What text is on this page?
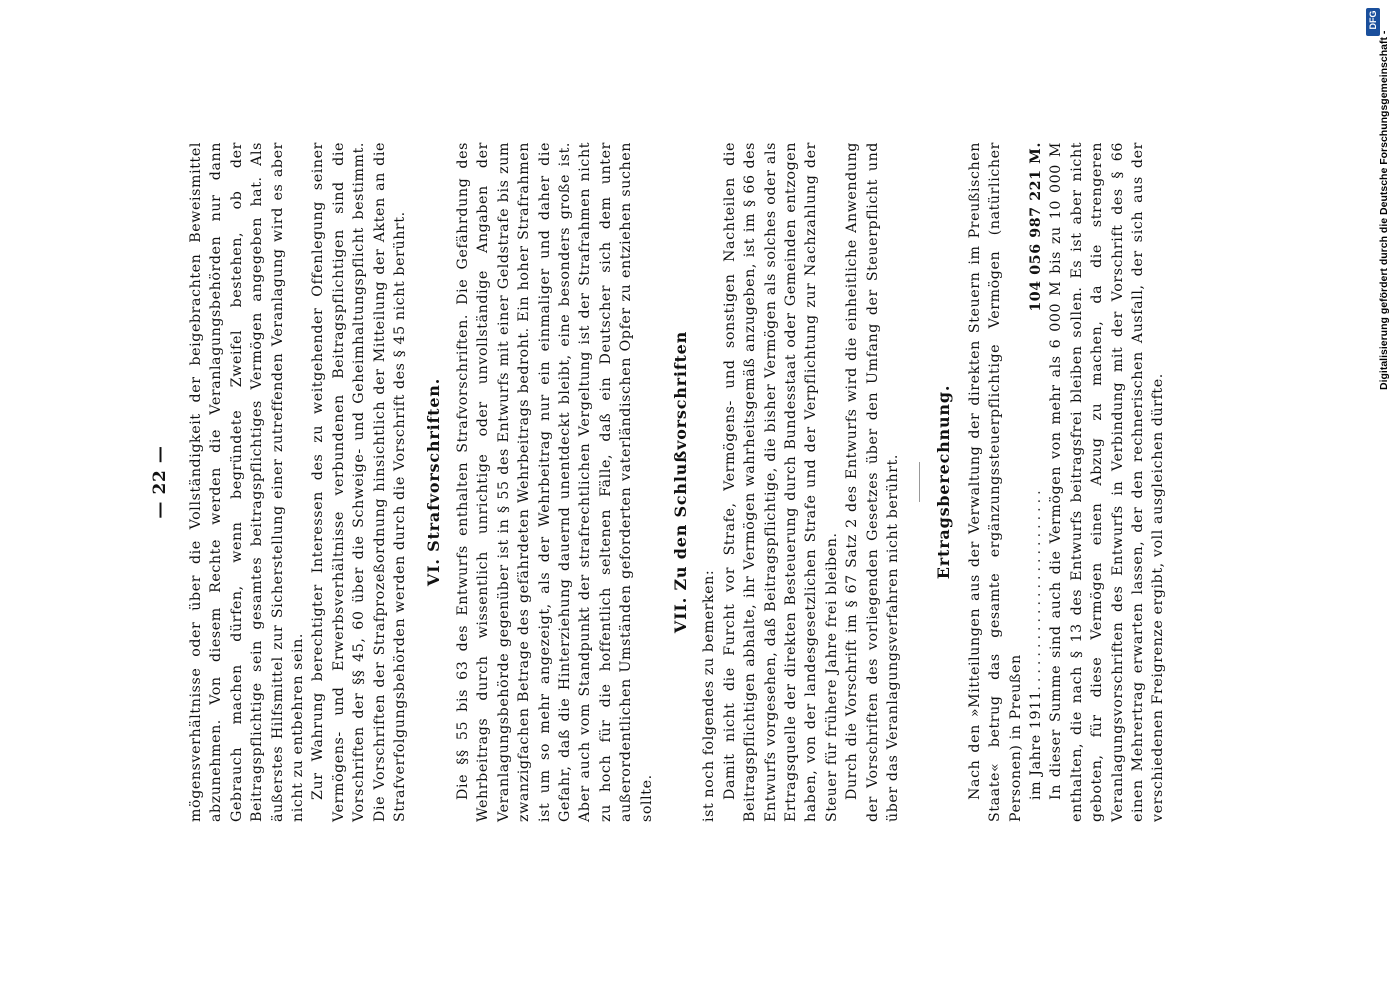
— 22 — mögensverhältnisse oder über die Vollständigkeit der beigebrachten Beweismittel abzunehmen. Von diesem Rechte werden die Veranlagungsbehörden nur dann Gebrauch machen dürfen, wenn begründete Zweifel bestehen, ob der Beitragspflichtige sein gesamtes beitragspflichtiges Vermögen angegeben hat. Als äußerstes Hilfsmittel zur Sicherstellung einer zutreffenden Veranlagung wird es aber nicht zu entbehren sein. Zur Wahrung berechtigter Interessen des zu weitgehender Offenlegung seiner Vermögens- und Erwerbsverhältnisse verbundenen Beitragspflichtigen sind die Vorschriften der §§ 45, 60 über die Schweige- und Geheimhaltungspflicht bestimmt. Die Vorschriften der Strafprozeßordnung hinsichtlich der Mitteilung der Akten an die Strafverfolgungsbehörden werden durch die Vorschrift des § 45 nicht berührt. VI. Strafvorschriften. Die §§ 55 bis 63 des Entwurfs enthalten Strafvorschriften. Die Gefährdung des Wehrbeitrags durch wissentlich unrichtige oder unvollständige Angaben der Veranlagungsbehörde gegenüber ist in § 55 des Entwurfs mit einer Geldstrafe bis zum zwanzigfachen Betrage des gefährdeten Wehrbeitrags bedroht. Ein hoher Strafrahmen ist um so mehr angezeigt, als der Wehrbeitrag nur ein einmaliger und daher die Gefahr, daß die Hinterziehung dauernd unentdeckt bleibt, eine besonders große ist. Aber auch vom Standpunkt der strafrechtlichen Vergeltung ist der Strafrahmen nicht zu hoch für die hoffentlich seltenen Fälle, daß ein Deutscher sich dem unter außerordentlichen Umständen geforderten vaterländischen Opfer zu entziehen suchen sollte.

VII. Zu den Schlußvorschriften

ist noch folgendes zu bemerken: Damit nicht die Furcht vor Strafe, Vermögens- und sonstigen Nachteilen die Beitragspflichtigen abhalte, ihr Vermögen wahrheitsgemäß anzugeben, ist im § 66 des Entwurfs vorgesehen, daß Beitragspflichtige, die bisher Vermögen als solches oder als Ertragsquelle der direkten Besteuerung durch Bundesstaat oder Gemeinden entzogen haben, von der landesgesetzlichen Strafe und der Verpflichtung zur Nachzahlung der Steuer für frühere Jahre frei bleiben. Durch die Vorschrift im § 67 Satz 2 des Entwurfs wird die einheitliche Anwendung der Vorschriften des vorliegenden Gesetzes über den Umfang der Steuerpflicht und über das Veranlagungsverfahren nicht berührt. Ertragsberechnung. Nach den »Mitteilungen aus der Verwaltung der direkten Steuern im Preußischen Staate« betrug das gesamte ergänzungssteuerpflichtige Vermögen (natürlicher Personen) in Preußen im Jahre 1911
........................
104 056 987 221 M. In dieser Summe sind auch die Vermögen von mehr als 6 000 M bis zu 10 000 M enthalten, die nach § 13 des Entwurfs beitragsfrei bleiben sollen. Es ist aber nicht geboten, für diese Vermögen einen Abzug zu machen, da die strengeren Veranlagungsvorschriften des Entwurfs in Verbindung mit der Vorschrift des § 66 einen Mehrertrag erwarten lassen, der den rechnerischen Ausfall, der sich aus der verschiedenen Freigrenze ergibt, voll ausgleichen dürfte.

DFG
Digitalisierung gefördert durch die Deutsche Forschungsgemeinschaft -
